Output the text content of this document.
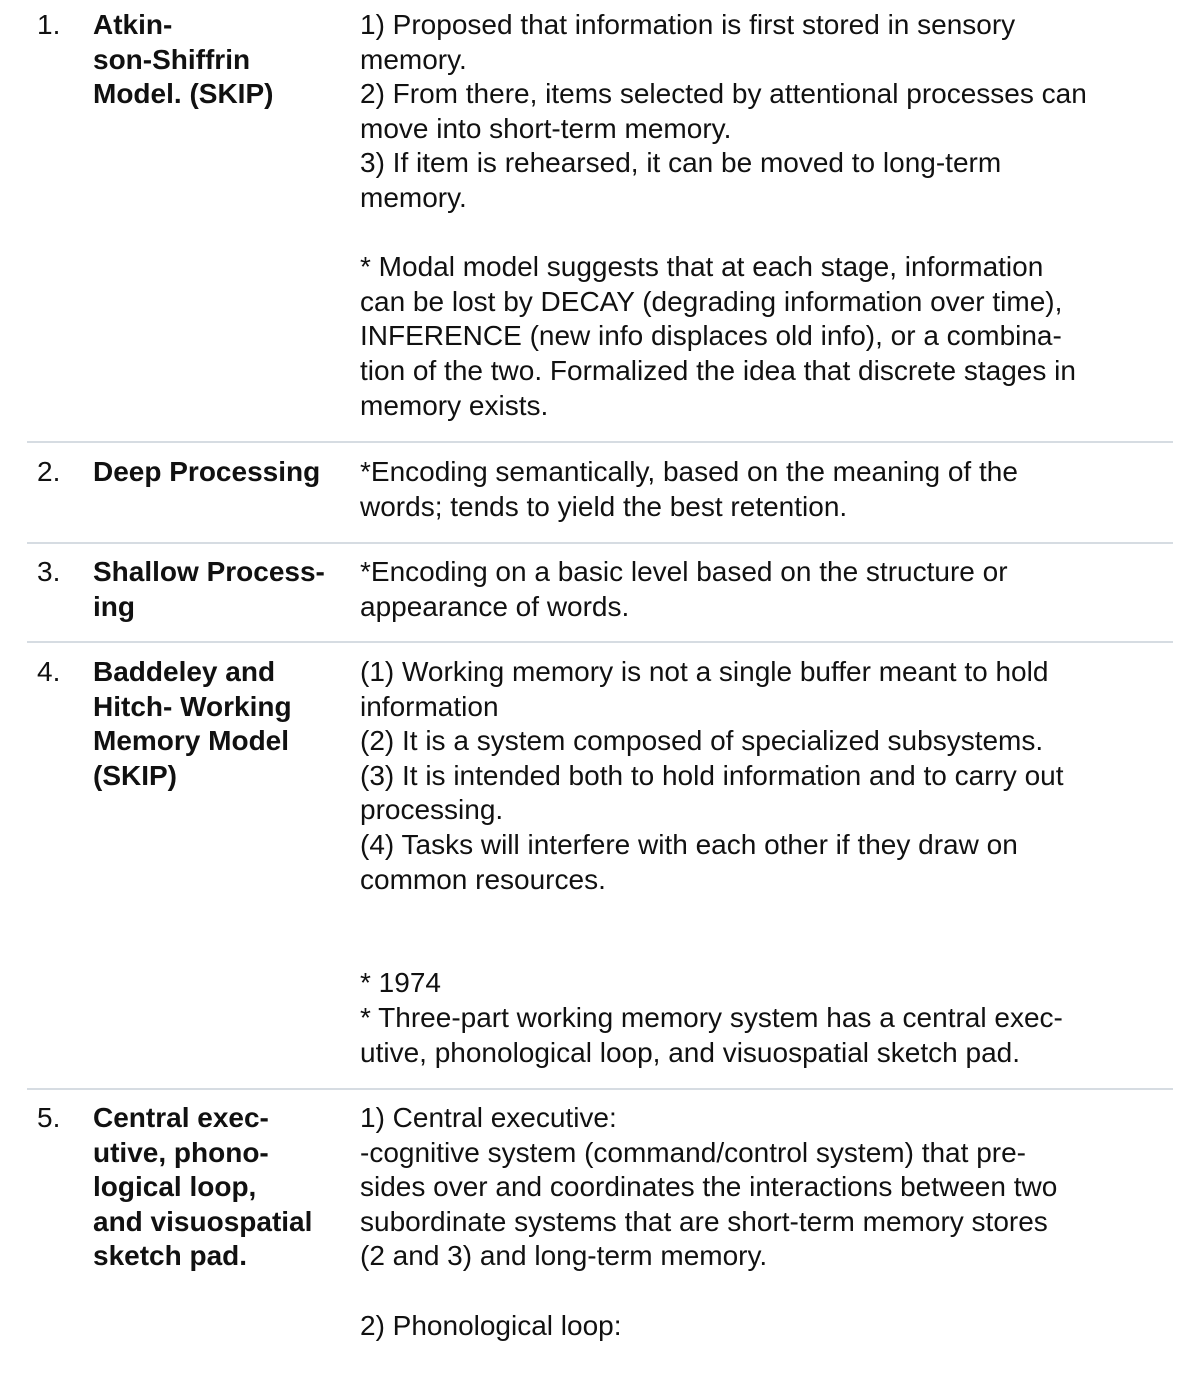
1. Atkin-
son-Shiffrin
Model. (SKIP)
1) Proposed that information is first stored in sensory
memory.
2) From there, items selected by attentional processes can
move into short-term memory.
3) If item is rehearsed, it can be moved to long-term
memory.

* Modal model suggests that at each stage, information
can be lost by DECAY (degrading information over time),
INFERENCE (new info displaces old info), or a combina-
tion of the two. Formalized the idea that discrete stages in
memory exists.
2. Deep Processing *Encoding semantically, based on the meaning of the
words; tends to yield the best retention.
3. Shallow Process-
ing
*Encoding on a basic level based on the structure or
appearance of words.
4. Baddeley and
Hitch- Working
Memory Model
(SKIP)
(1) Working memory is not a single buffer meant to hold
information
(2) It is a system composed of specialized subsystems.
(3) It is intended both to hold information and to carry out
processing.
(4) Tasks will interfere with each other if they draw on
common resources.

* 1974
* Three-part working memory system has a central exec-
utive, phonological loop, and visuospatial sketch pad.
5. Central exec-
utive, phono-
logical loop,
and visuospatial
sketch pad.
1) Central executive:
-cognitive system (command/control system) that pre-
sides over and coordinates the interactions between two
subordinate systems that are short-term memory stores
(2 and 3) and long-term memory.

2) Phonological loop:
